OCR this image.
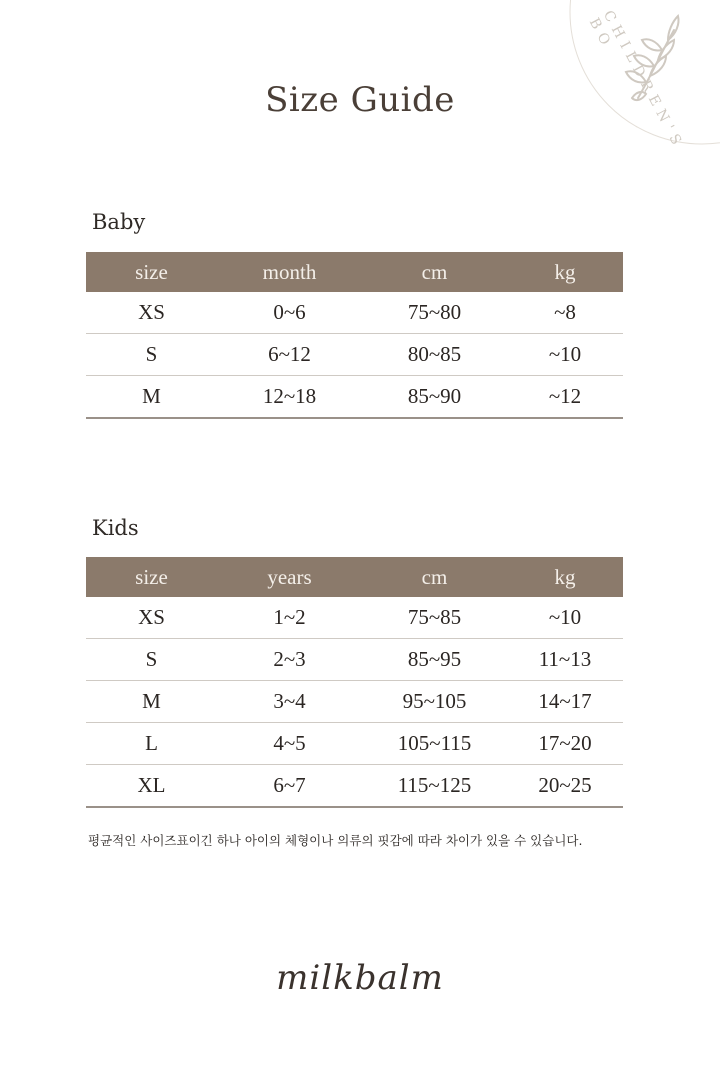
CHILDREN'S BO
Size Guide
Baby
size	month	cm	kg
XS	0~6	75~80	~8
S	6~12	80~85	~10
M	12~18	85~90	~12
Kids
size	years	cm	kg
XS	1~2	75~85	~10
S	2~3	85~95	11~13
M	3~4	95~105	14~17
L	4~5	105~115	17~20
XL	6~7	115~125	20~25
평균적인 사이즈표이긴 하나 아이의 체형이나 의류의 핏감에 따라 차이가 있을 수 있습니다.
milkbalm
